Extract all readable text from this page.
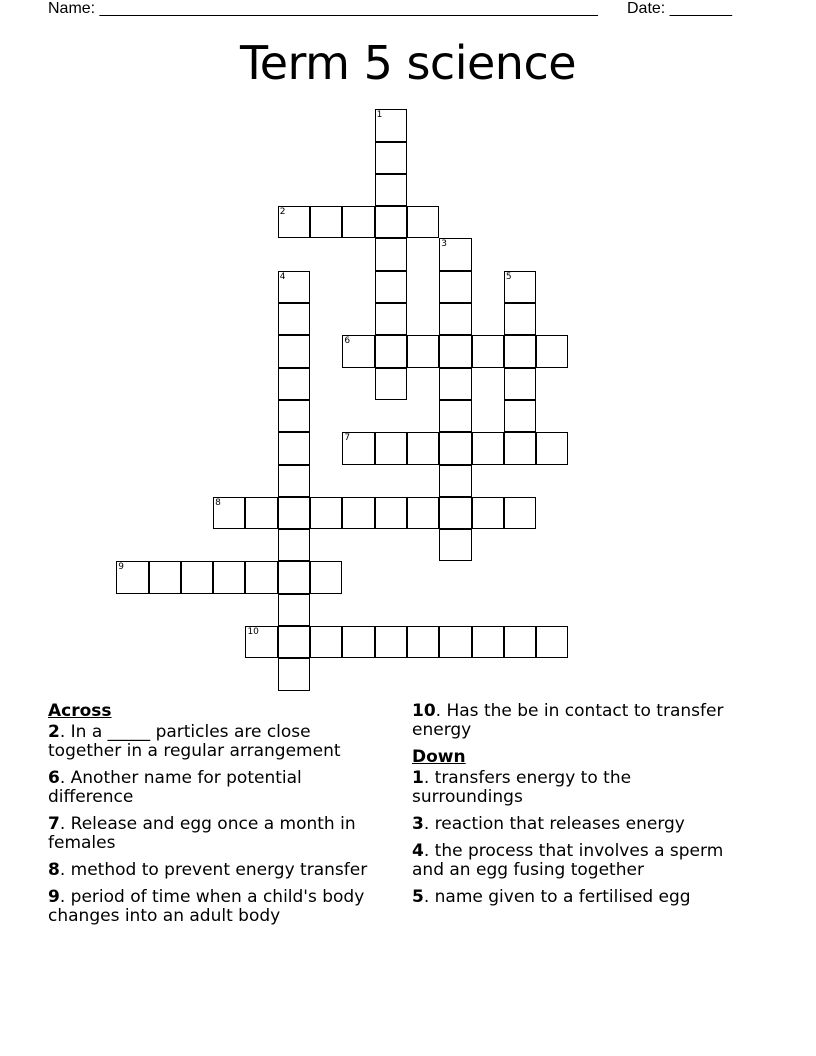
Name: ________________________________________________________ Date: _______
Term 5 science
1
2
3
4	5
6
7
8
9
10
Across
2. In a _____ particles are close together in a regular arrangement
6. Another name for potential difference
7. Release and egg once a month in females
8. method to prevent energy transfer
9. period of time when a child's body changes into an adult body
10. Has the be in contact to transfer energy
Down
1. transfers energy to the surroundings
3. reaction that releases energy
4. the process that involves a sperm and an egg fusing together
5. name given to a fertilised egg
